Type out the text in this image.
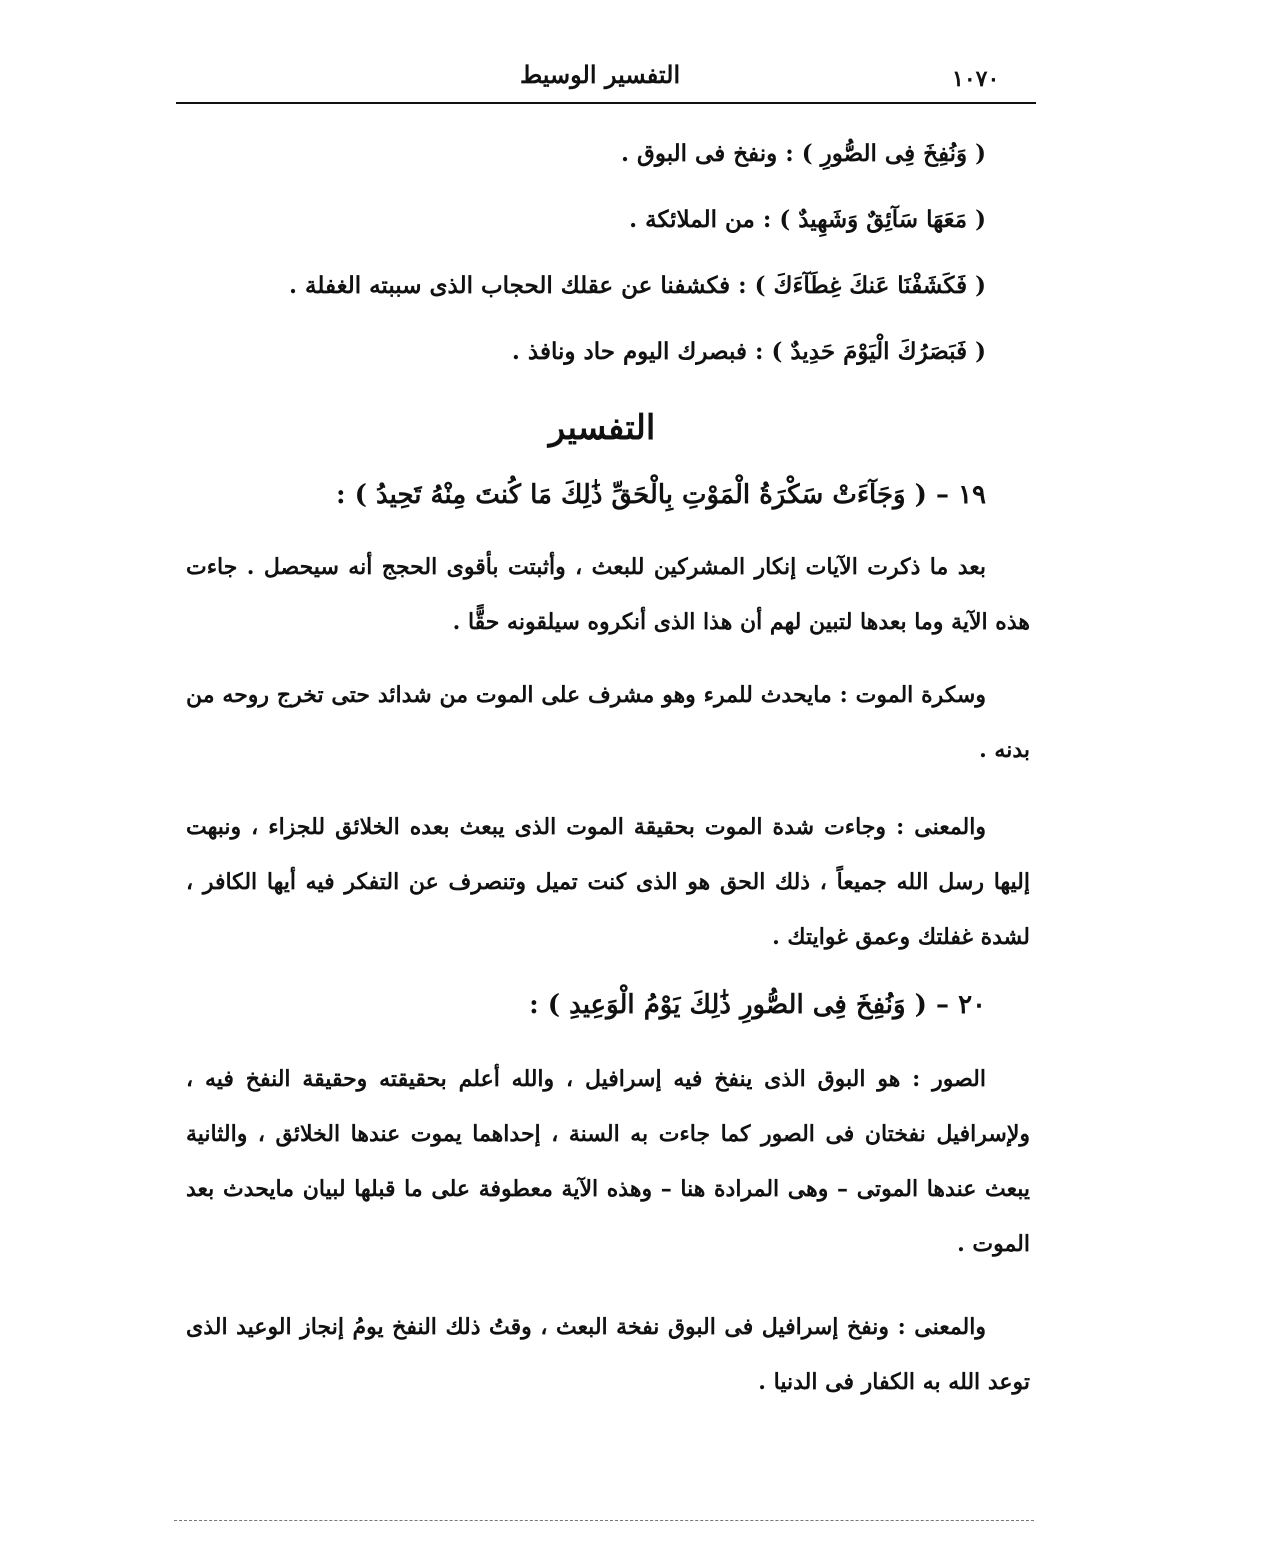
١٠٧٠
التفسير الوسيط
( وَنُفِخَ فِى الصُّورِ ) : ونفخ فى البوق .
( مَعَهَا سَآئِقٌ وَشَهِيدٌ ) : من الملائكة .
( فَكَشَفْنَا عَنكَ غِطَآءَكَ ) : فكشفنا عن عقلك الحجاب الذى سببته الغفلة .
( فَبَصَرُكَ الْيَوْمَ حَدِيدٌ ) : فبصرك اليوم حاد ونافذ .
التفسير
١٩ – ( وَجَآءَتْ سَكْرَةُ الْمَوْتِ بِالْحَقِّ ذَٰلِكَ مَا كُنتَ مِنْهُ تَحِيدُ ) :
بعد ما ذكرت الآيات إنكار المشركين للبعث ، وأثبتت بأقوى الحجج أنه سيحصل . جاءت هذه الآية وما بعدها لتبين لهم أن هذا الذى أنكروه سيلقونه حقًّا .
وسكرة الموت : مايحدث للمرء وهو مشرف على الموت من شدائد حتى تخرج روحه من بدنه .
والمعنى : وجاءت شدة الموت بحقيقة الموت الذى يبعث بعده الخلائق للجزاء ، ونبهت إليها رسل الله جميعاً ، ذلك الحق هو الذى كنت تميل وتنصرف عن التفكر فيه أيها الكافر ، لشدة غفلتك وعمق غوايتك .
٢٠ – ( وَنُفِخَ فِى الصُّورِ ذَٰلِكَ يَوْمُ الْوَعِيدِ ) :
الصور : هو البوق الذى ينفخ فيه إسرافيل ، والله أعلم بحقيقته وحقيقة النفخ فيه ، ولإسرافيل نفختان فى الصور كما جاءت به السنة ، إحداهما يموت عندها الخلائق ، والثانية يبعث عندها الموتى – وهى المرادة هنا – وهذه الآية معطوفة على ما قبلها لبيان مايحدث بعد الموت .
والمعنى : ونفخ إسرافيل فى البوق نفخة البعث ، وقتُ ذلك النفخ يومُ إنجاز الوعيد الذى توعد الله به الكفار فى الدنيا .
